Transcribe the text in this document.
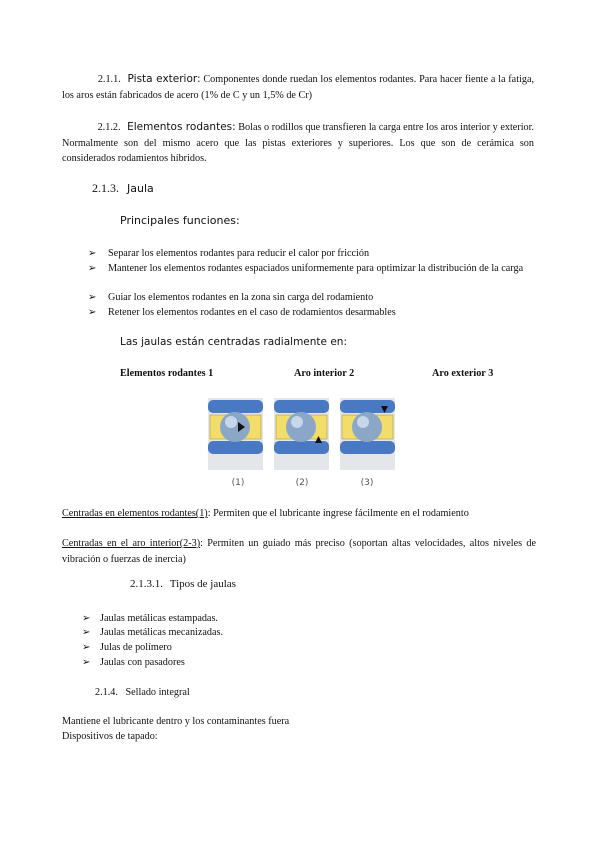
2.1.1. Pista exterior: Componentes donde ruedan los elementos rodantes. Para hacer fiente a la fatiga, los aros están fabricados de acero (1% de C y un 1,5% de Cr)
2.1.2. Elementos rodantes: Bolas o rodillos que transfieren la carga entre los aros interior y exterior. Normalmente son del mismo acero que las pistas exteriores y superiores. Los que son de cerámica son considerados rodamientos híbridos.
2.1.3. Jaula
Principales funciones:
➢ Separar los elementos rodantes para reducir el calor por fricción
➢ Mantener los elementos rodantes espaciados uniformemente para optimizar la distribución de la carga
➢ Guiar los elementos rodantes en la zona sin carga del rodamiento
➢ Retener los elementos rodantes en el caso de rodamientos desarmables
Las jaulas están centradas radialmente en:
Elementos rodantes 1	Aro interior 2	Aro exterior 3
(1)	(2)	(3)
Centradas en elementos rodantes(1): Permiten que el lubricante ingrese fácilmente en el rodamiento
Centradas en el aro interior(2-3): Permiten un guiado más preciso (soportan altas velocidades, altos niveles de vibración o fuerzas de inercia)
2.1.3.1. Tipos de jaulas
➢ Jaulas metálicas estampadas.
➢ Jaulas metálicas mecanizadas.
➢ Julas de polímero
➢ Jaulas con pasadores
2.1.4. Sellado integral
Mantiene el lubricante dentro y los contaminantes fuera
Dispositivos de tapado:
